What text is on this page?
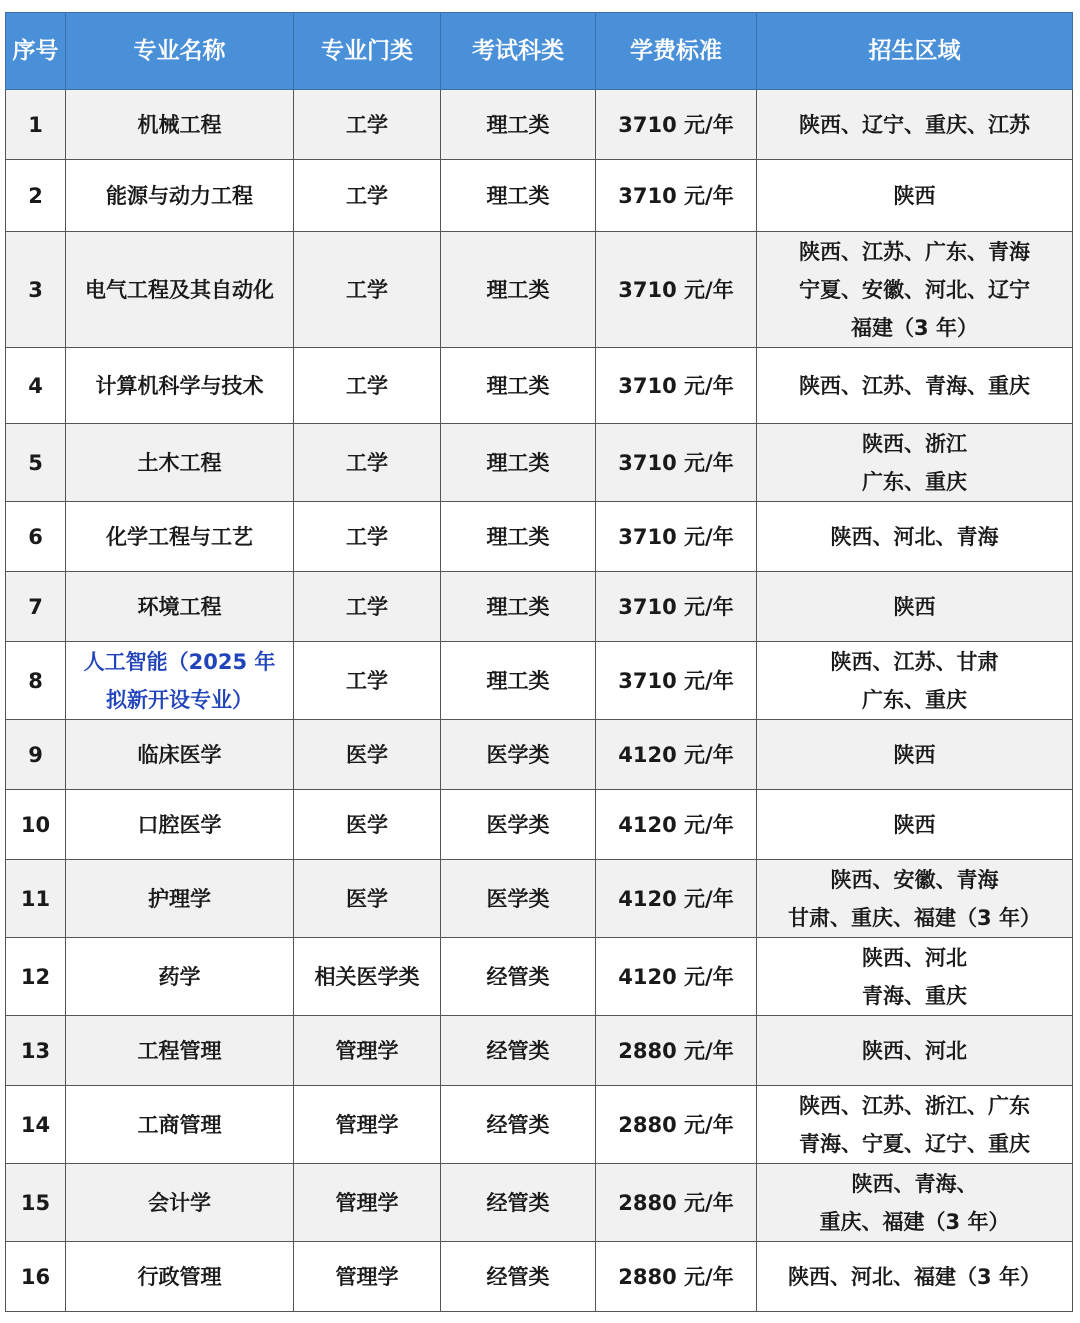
序号	专业名称	专业门类	考试科类	学费标准	招生区域
1	机械工程	工学	理工类	3710 元/年	陕西、辽宁、重庆、江苏

2	能源与动力工程	工学	理工类	3710 元/年	陕西

3	电气工程及其自动化	工学	理工类	3710 元/年	陕西、江苏、广东、青海
宁夏、安徽、河北、辽宁
福建（3 年）

4	计算机科学与技术	工学	理工类	3710 元/年	陕西、江苏、青海、重庆

5	土木工程	工学	理工类	3710 元/年	陕西、浙江
广东、重庆

6	化学工程与工艺	工学	理工类	3710 元/年	陕西、河北、青海

7	环境工程	工学	理工类	3710 元/年	陕西

8	人工智能（2025 年
拟新开设专业）	工学	理工类	3710 元/年	陕西、江苏、甘肃
广东、重庆

9	临床医学	医学	医学类	4120 元/年	陕西

10	口腔医学	医学	医学类	4120 元/年	陕西

11	护理学	医学	医学类	4120 元/年	陕西、安徽、青海
甘肃、重庆、福建（3 年）

12	药学	相关医学类	经管类	4120 元/年	陕西、河北
青海、重庆

13	工程管理	管理学	经管类	2880 元/年	陕西、河北

14	工商管理	管理学	经管类	2880 元/年	陕西、江苏、浙江、广东
青海、宁夏、辽宁、重庆

15	会计学	管理学	经管类	2880 元/年	陕西、青海、
重庆、福建（3 年）

16	行政管理	管理学	经管类	2880 元/年	陕西、河北、福建（3 年）
